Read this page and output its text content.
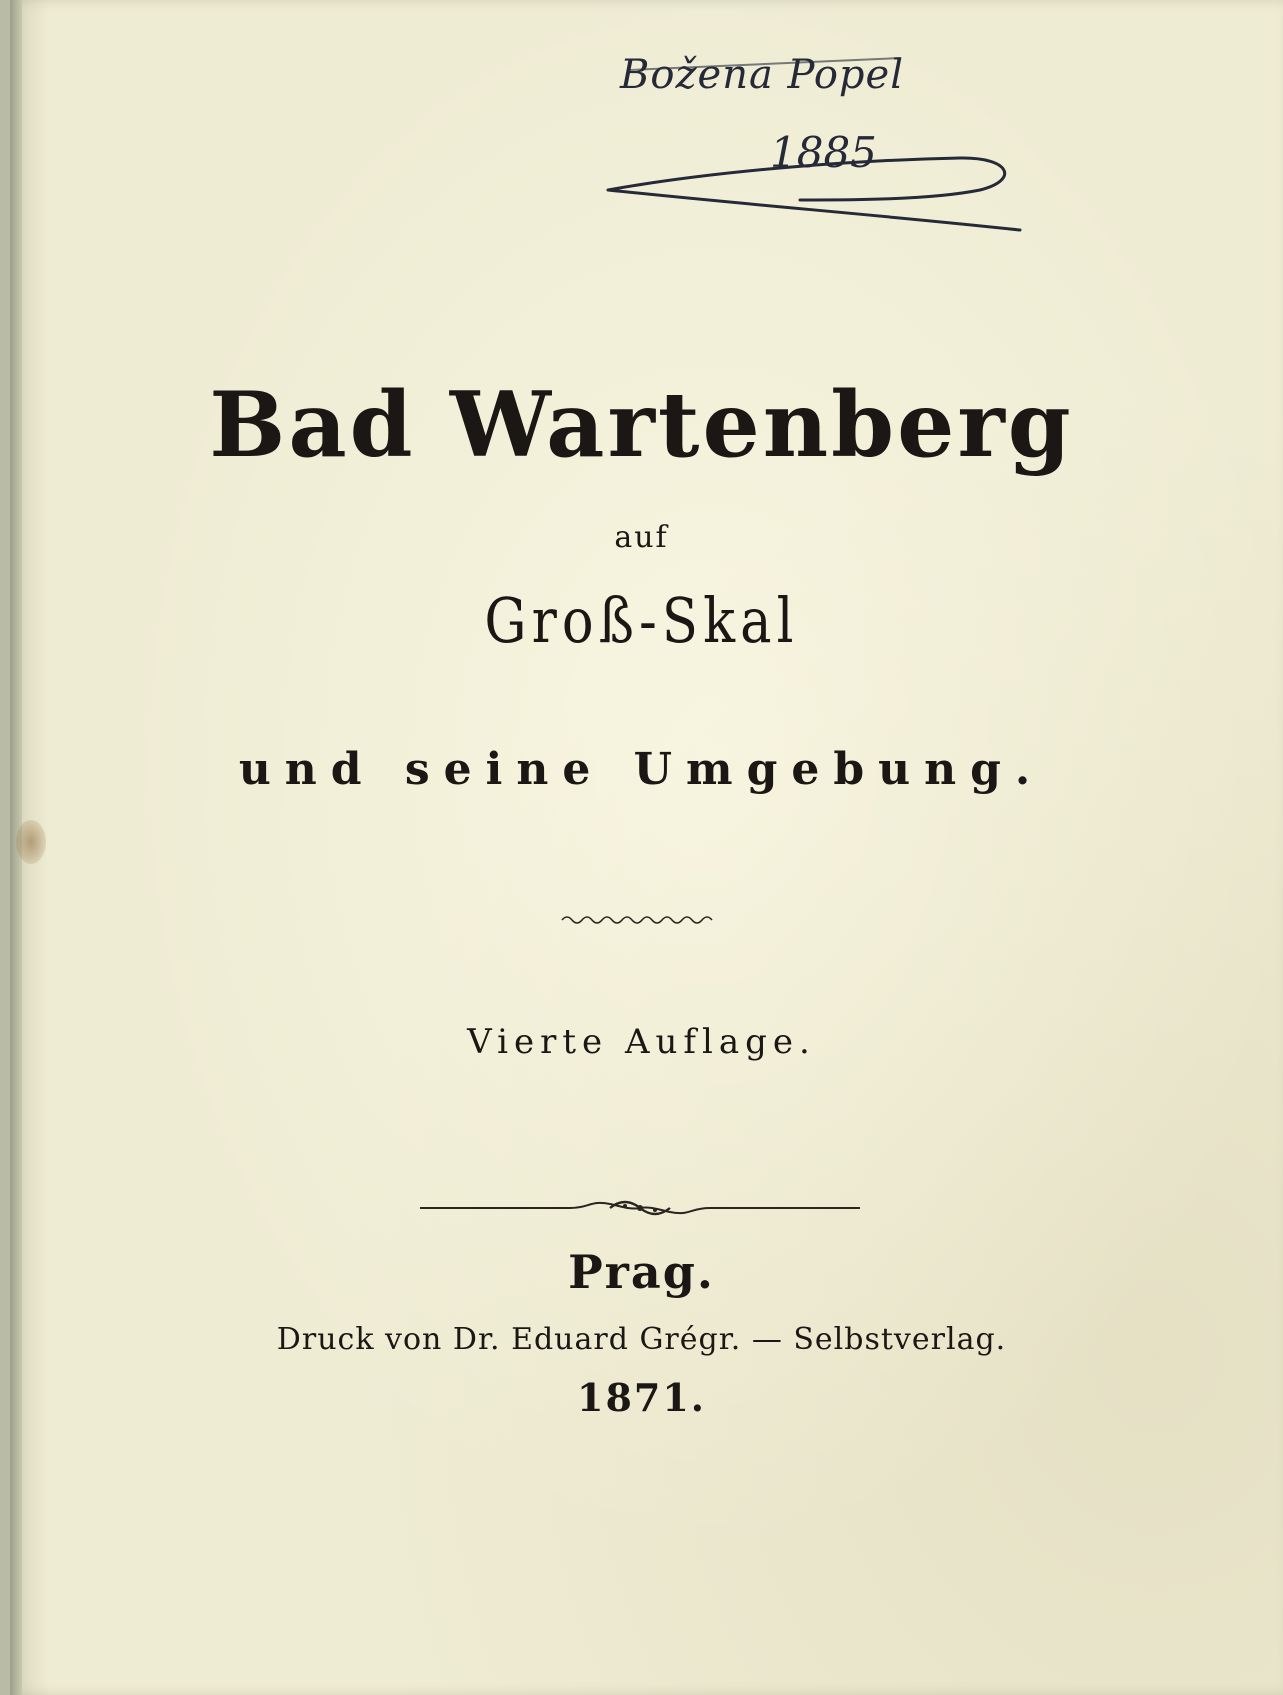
Božena Popel
1885
Bad Wartenberg
auf
Groß-Skal
und seine Umgebung.
Vierte Auflage.
Prag.
Druck von Dr. Eduard Grégr. — Selbstverlag.
1871.
